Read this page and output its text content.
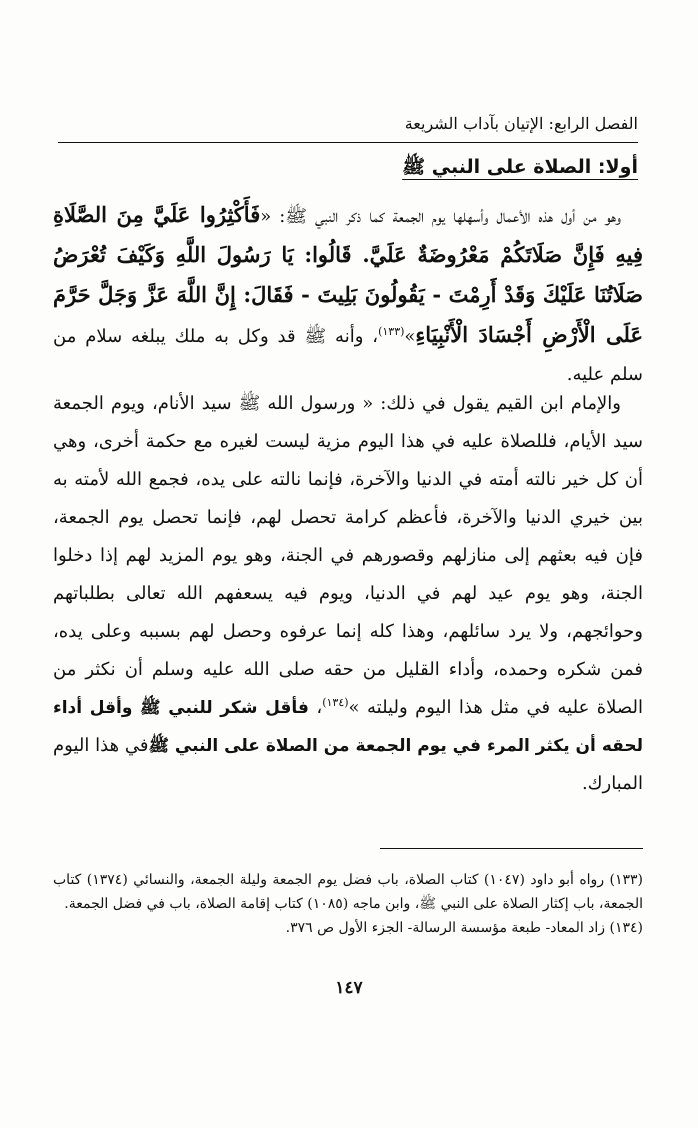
الفصل الرابع: الإتيان بآداب الشريعة
أولا: الصلاة على النبي ﷺ

وهو من أول هذه الأعمال وأسهلها يوم الجمعة كما ذكر النبي ﷺ: «فَأَكْثِرُوا عَلَيَّ مِنَ الصَّلَاةِ فِيهِ فَإِنَّ صَلَاتَكُمْ مَعْرُوضَةٌ عَلَيَّ. قَالُوا: يَا رَسُولَ اللَّهِ وَكَيْفَ تُعْرَضُ صَلَاتُنَا عَلَيْكَ وَقَدْ أَرِمْتَ - يَقُولُونَ بَلِيتَ - فَقَالَ: إِنَّ اللَّهَ عَزَّ وَجَلَّ حَرَّمَ عَلَى الْأَرْضِ أَجْسَادَ الْأَنْبِيَاءِ»$^{(١٣٣)}$، وأنه ﷺ قد وكل به ملك يبلغه سلام من سلم عليه.

والإمام ابن القيم يقول في ذلك: « ورسول الله ﷺ سيد الأنام، ويوم الجمعة سيد الأيام، فللصلاة عليه في هذا اليوم مزية ليست لغيره مع حكمة أخرى، وهي أن كل خير نالته أمته في الدنيا والآخرة، فإنما نالته على يده، فجمع الله لأمته به بين خيري الدنيا والآخرة، فأعظم كرامة تحصل لهم، فإنما تحصل يوم الجمعة، فإن فيه بعثهم إلى منازلهم وقصورهم في الجنة، وهو يوم المزيد لهم إذا دخلوا الجنة، وهو يوم عيد لهم في الدنيا، ويوم فيه يسعفهم الله تعالى بطلباتهم وحوائجهم، ولا يرد سائلهم، وهذا كله إنما عرفوه وحصل لهم بسببه وعلى يده، فمن شكره وحمده، وأداء القليل من حقه صلى الله عليه وسلم أن نكثر من الصلاة عليه في مثل هذا اليوم وليلته »$^{(١٣٤)}$، فأقل شكر للنبي ﷺ وأقل أداء لحقه أن يكثر المرء في يوم الجمعة من الصلاة على النبي ﷺفي هذا اليوم المبارك.

(١٣٣) رواه أبو داود (١٠٤٧) كتاب الصلاة، باب فضل يوم الجمعة وليلة الجمعة، والنسائي (١٣٧٤) كتاب الجمعة، باب إكثار الصلاة على النبي ﷺ، وابن ماجه (١٠٨٥) كتاب إقامة الصلاة، باب في فضل الجمعة.

(١٣٤) زاد المعاد- طبعة مؤسسة الرسالة- الجزء الأول ص ٣٧٦.

١٤٧
